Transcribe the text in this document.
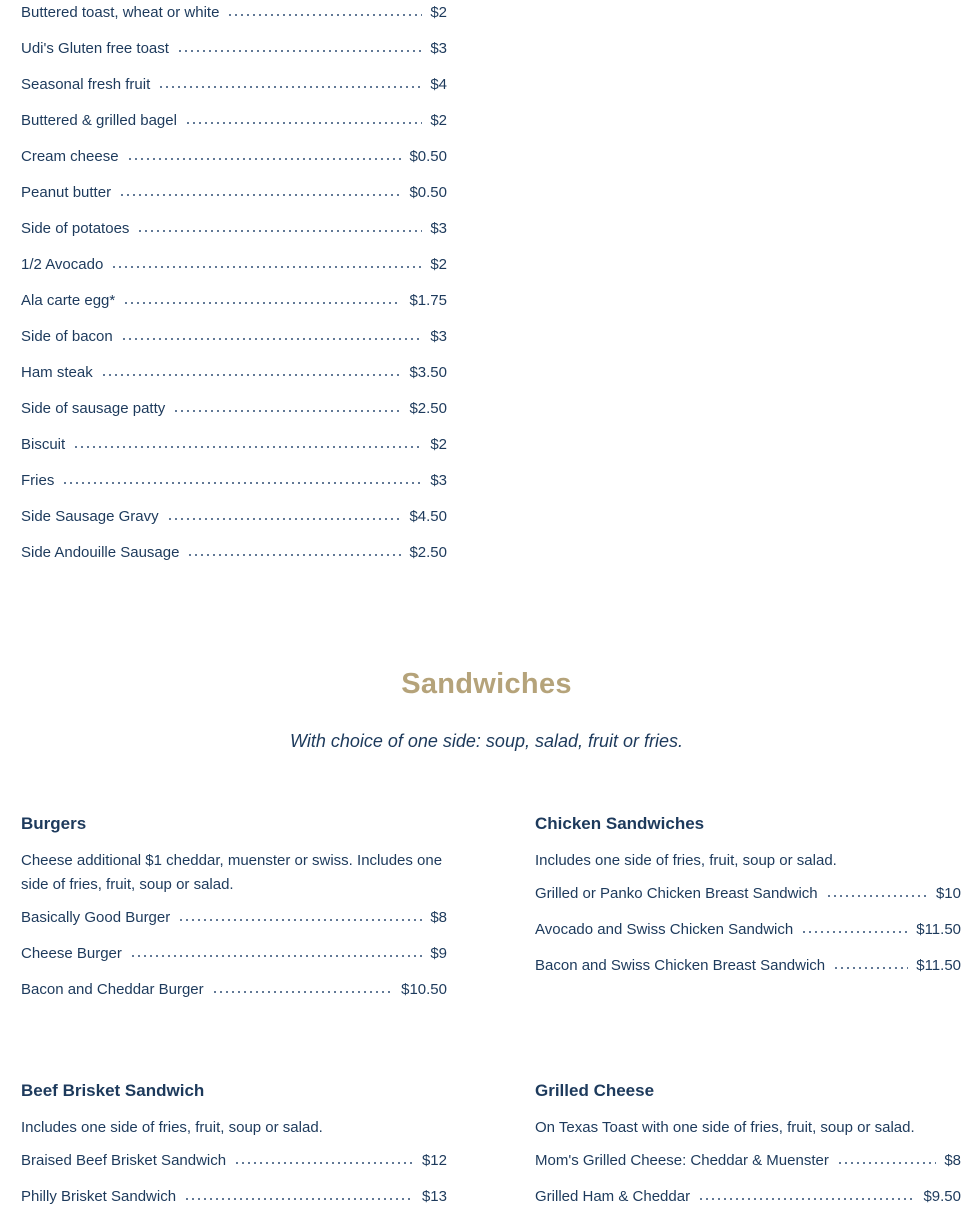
Buttered toast, wheat or white	$2
Udi's Gluten free toast	$3
Seasonal fresh fruit	$4
Buttered & grilled bagel	$2
Cream cheese	$0.50
Peanut butter	$0.50
Side of potatoes	$3
1/2 Avocado	$2
Ala carte egg*	$1.75
Side of bacon	$3
Ham steak	$3.50
Side of sausage patty	$2.50
Biscuit	$2
Fries	$3
Side Sausage Gravy	$4.50
Side Andouille Sausage	$2.50
Sandwiches
With choice of one side: soup, salad, fruit or fries.
Burgers
Cheese additional $1 cheddar, muenster or swiss. Includes one side of fries, fruit, soup or salad.
Basically Good Burger	$8
Cheese Burger	$9
Bacon and Cheddar Burger	$10.50
Chicken Sandwiches
Includes one side of fries, fruit, soup or salad.
Grilled or Panko Chicken Breast Sandwich	$10
Avocado and Swiss Chicken Sandwich	$11.50
Bacon and Swiss Chicken Breast Sandwich	$11.50
Beef Brisket Sandwich
Includes one side of fries, fruit, soup or salad.
Braised Beef Brisket Sandwich	$12
Philly Brisket Sandwich	$13
Grilled Cheese
On Texas Toast with one side of fries, fruit, soup or salad.
Mom's Grilled Cheese: Cheddar & Muenster	$8
Grilled Ham & Cheddar	$9.50
